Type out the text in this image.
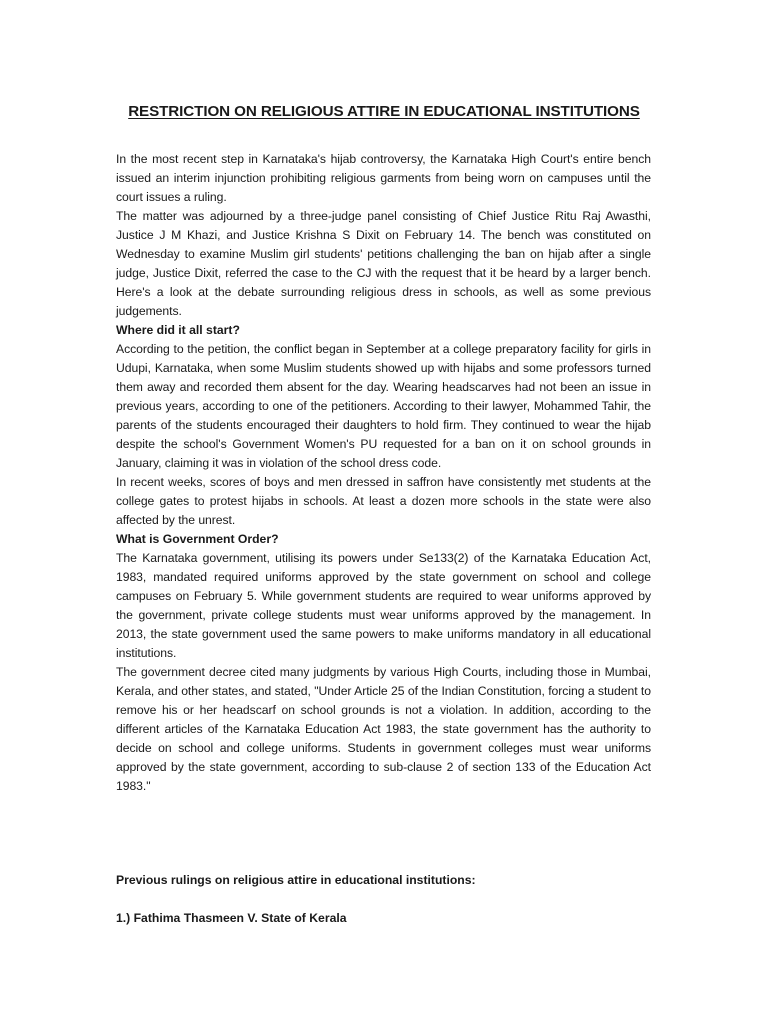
RESTRICTION ON RELIGIOUS ATTIRE IN EDUCATIONAL INSTITUTIONS

In the most recent step in Karnataka's hijab controversy, the Karnataka High Court's entire bench issued an interim injunction prohibiting religious garments from being worn on campuses until the court issues a ruling.

The matter was adjourned by a three-judge panel consisting of Chief Justice Ritu Raj Awasthi, Justice J M Khazi, and Justice Krishna S Dixit on February 14. The bench was constituted on Wednesday to examine Muslim girl students' petitions challenging the ban on hijab after a single judge, Justice Dixit, referred the case to the CJ with the request that it be heard by a larger bench. Here's a look at the debate surrounding religious dress in schools, as well as some previous judgements.

Where did it all start?

According to the petition, the conflict began in September at a college preparatory facility for girls in Udupi, Karnataka, when some Muslim students showed up with hijabs and some professors turned them away and recorded them absent for the day. Wearing headscarves had not been an issue in previous years, according to one of the petitioners. According to their lawyer, Mohammed Tahir, the parents of the students encouraged their daughters to hold firm. They continued to wear the hijab despite the school's Government Women's PU requested for a ban on it on school grounds in January, claiming it was in violation of the school dress code.

In recent weeks, scores of boys and men dressed in saffron have consistently met students at the college gates to protest hijabs in schools. At least a dozen more schools in the state were also affected by the unrest.

What is Government Order?

The Karnataka government, utilising its powers under Se133(2) of the Karnataka Education Act, 1983, mandated required uniforms approved by the state government on school and college campuses on February 5. While government students are required to wear uniforms approved by the government, private college students must wear uniforms approved by the management. In 2013, the state government used the same powers to make uniforms mandatory in all educational institutions.

The government decree cited many judgments by various High Courts, including those in Mumbai, Kerala, and other states, and stated, "Under Article 25 of the Indian Constitution, forcing a student to remove his or her headscarf on school grounds is not a violation. In addition, according to the different articles of the Karnataka Education Act 1983, the state government has the authority to decide on school and college uniforms. Students in government colleges must wear uniforms approved by the state government, according to sub-clause 2 of section 133 of the Education Act 1983."

Previous rulings on religious attire in educational institutions:
1.) Fathima Thasmeen V. State of Kerala
